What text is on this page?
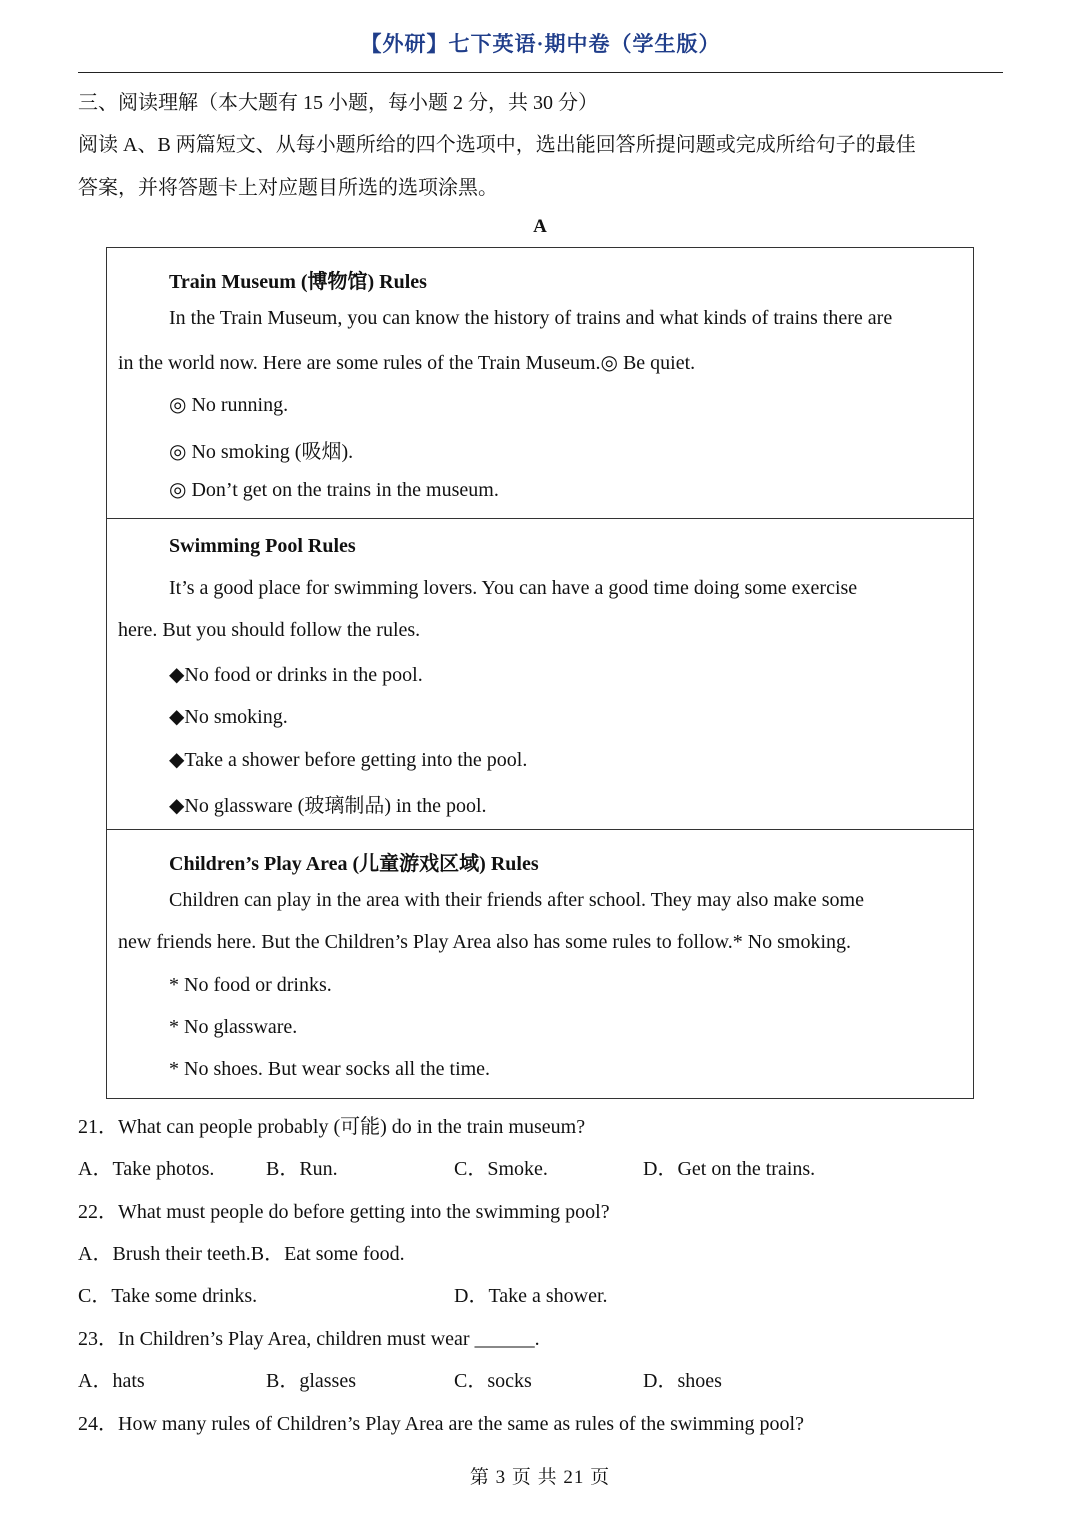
【外研】七下英语·期中卷（学生版）
三、阅读理解（本大题有 15 小题，每小题 2 分，共 30 分）
阅读 A、B 两篇短文、从每小题所给的四个选项中，选出能回答所提问题或完成所给句子的最佳
答案，并将答题卡上对应题目所选的选项涂黑。
A
Train Museum (博物馆) Rules
In the Train Museum, you can know the history of trains and what kinds of trains there are
in the world now. Here are some rules of the Train Museum.◎ Be quiet.
◎ No running.
◎ No smoking (吸烟).
◎ Don’t get on the trains in the museum.
Swimming Pool Rules
It’s a good place for swimming lovers. You can have a good time doing some exercise
here. But you should follow the rules.
◆No food or drinks in the pool.
◆No smoking.
◆Take a shower before getting into the pool.
◆No glassware (玻璃制品) in the pool.
Children’s Play Area (儿童游戏区域) Rules
Children can play in the area with their friends after school. They may also make some
new friends here. But the Children’s Play Area also has some rules to follow.* No smoking.
* No food or drinks.
* No glassware.
* No shoes. But wear socks all the time.
21．What can people probably (可能) do in the train museum?
A．Take photos.	B．Run.	C．Smoke.	D．Get on the trains.
22．What must people do before getting into the swimming pool?
A．Brush their teeth.B．Eat some food.
C．Take some drinks.	D．Take a shower.
23．In Children’s Play Area, children must wear ______.
A．hats	B．glasses	C．socks	D．shoes
24．How many rules of Children’s Play Area are the same as rules of the swimming pool?
第 3 页 共 21 页
